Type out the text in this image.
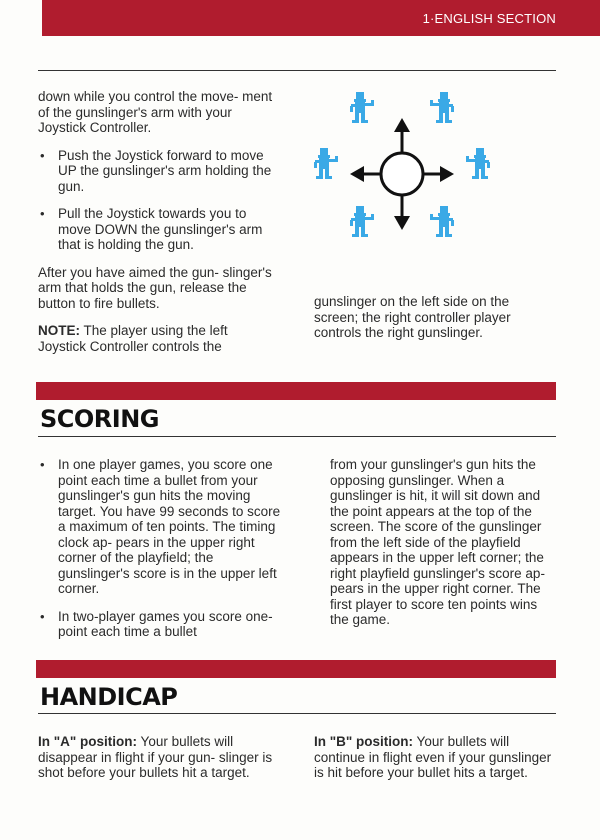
1·ENGLISH SECTION

down while you control the move- ment of the gunslinger's arm with your Joystick Controller.

• Push the Joystick forward to move UP the gunslinger's arm holding the gun.
• Pull the Joystick towards you to move DOWN the gunslinger's arm that is holding the gun.

After you have aimed the gun- slinger's arm that holds the gun, release the button to fire bullets.

NOTE: The player using the left Joystick Controller controls the

gunslinger on the left side on the screen; the right controller player controls the right gunslinger.

SCORING
• In one player games, you score one point each time a bullet from your gunslinger's gun hits the moving target. You have 99 seconds to score a maximum of ten points. The timing clock ap- pears in the upper right corner of the playfield; the gunslinger's score is in the upper left corner.
• In two-player games you score one-point each time a bullet

from your gunslinger's gun hits the opposing gunslinger. When a gunslinger is hit, it will sit down and the point appears at the top of the screen. The score of the gunslinger from the left side of the playfield appears in the upper left corner; the right playfield gunslinger's score ap- pears in the upper right corner. The first player to score ten points wins the game.

HANDICAP

In "A" position: Your bullets will disappear in flight if your gun- slinger is shot before your bullets hit a target.

In "B" position: Your bullets will continue in flight even if your gunslinger is hit before your bullet hits a target.
